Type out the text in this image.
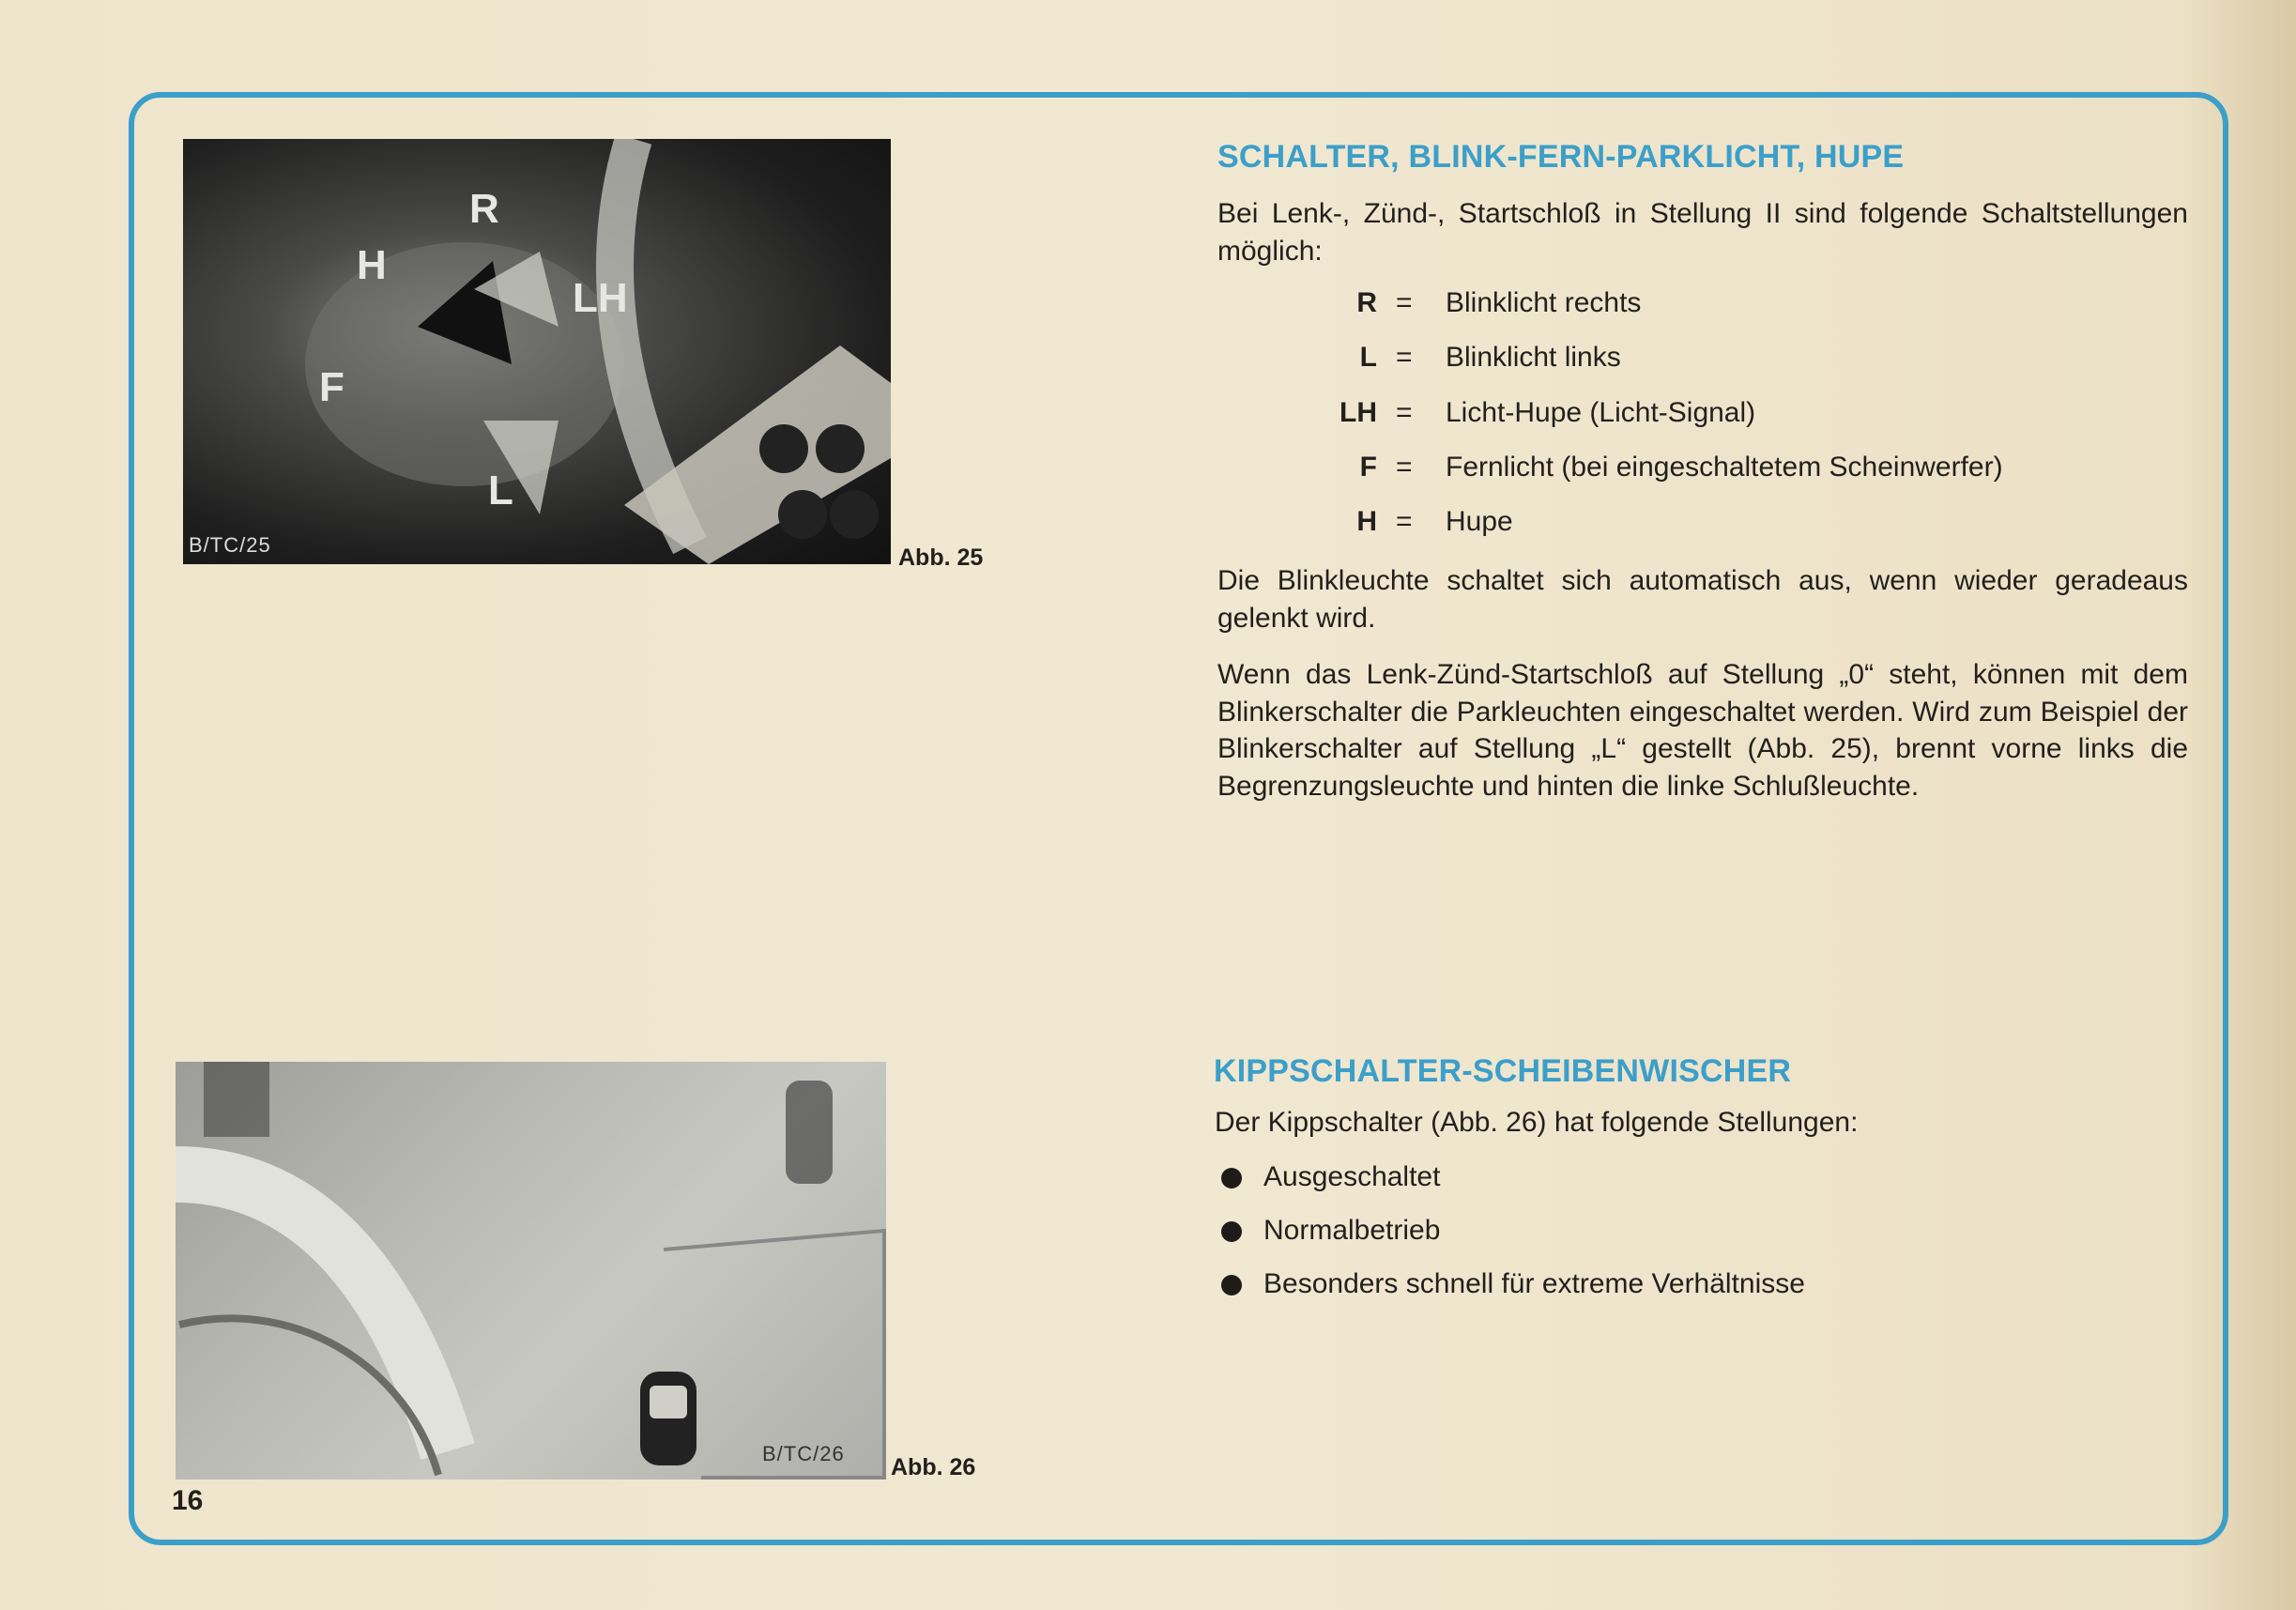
R
H
LH
F
L
B/TC/25	Abb. 25
B/TC/26
Abb. 26
16
SCHALTER, BLINK-FERN-PARKLICHT, HUPE
Bei Lenk-, Zünd-, Startschloß in Stellung II sind folgende Schaltstellungen möglich:
R = Blinklicht rechts
L = Blinklicht links
LH = Licht-Hupe (Licht-Signal)
F = Fernlicht (bei eingeschaltetem Scheinwerfer)
H = Hupe
Die Blinkleuchte schaltet sich automatisch aus, wenn wieder geradeaus gelenkt wird.
Wenn das Lenk-Zünd-Startschloß auf Stellung „0“ steht, können mit dem Blinkerschalter die Parkleuchten eingeschaltet werden. Wird zum Beispiel der Blinkerschalter auf Stellung „L“ gestellt (Abb. 25), brennt vorne links die Begrenzungsleuchte und hinten die linke Schlußleuchte.
KIPPSCHALTER-SCHEIBENWISCHER
Der Kippschalter (Abb. 26) hat folgende Stellungen:
Ausgeschaltet
Normalbetrieb
Besonders schnell für extreme Verhältnisse
